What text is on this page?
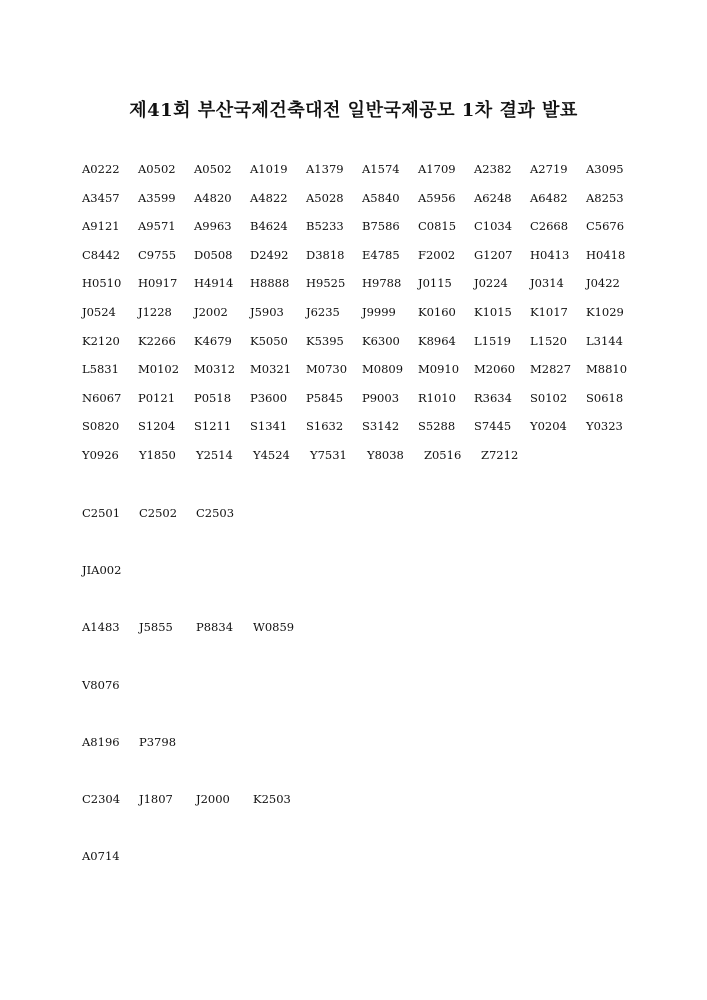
제41회 부산국제건축대전 일반국제공모 1차 결과 발표
A0222	A0502	A0502	A1019	A1379	A1574	A1709	A2382	A2719	A3095
A3457	A3599	A4820	A4822	A5028	A5840	A5956	A6248	A6482	A8253
A9121	A9571	A9963	B4624	B5233	B7586	C0815	C1034	C2668	C5676
C8442	C9755	D0508	D2492	D3818	E4785	F2002	G1207	H0413	H0418
H0510	H0917	H4914	H8888	H9525	H9788	J0115	J0224	J0314	J0422
J0524	J1228	J2002	J5903	J6235	J9999	K0160	K1015	K1017	K1029
K2120	K2266	K4679	K5050	K5395	K6300	K8964	L1519	L1520	L3144
L5831	M0102	M0312	M0321	M0730	M0809	M0910	M2060	M2827	M8810
N6067	P0121	P0518	P3600	P5845	P9003	R1010	R3634	S0102	S0618
S0820	S1204	S1211	S1341	S1632	S3142	S5288	S7445	Y0204	Y0323
Y0926	Y1850	Y2514	Y4524	Y7531	Y8038	Z0516	Z7212
C2501	C2502	C2503
JIA002
A1483	J5855	P8834	W0859
V8076
A8196	P3798
C2304	J1807	J2000	K2503
A0714
